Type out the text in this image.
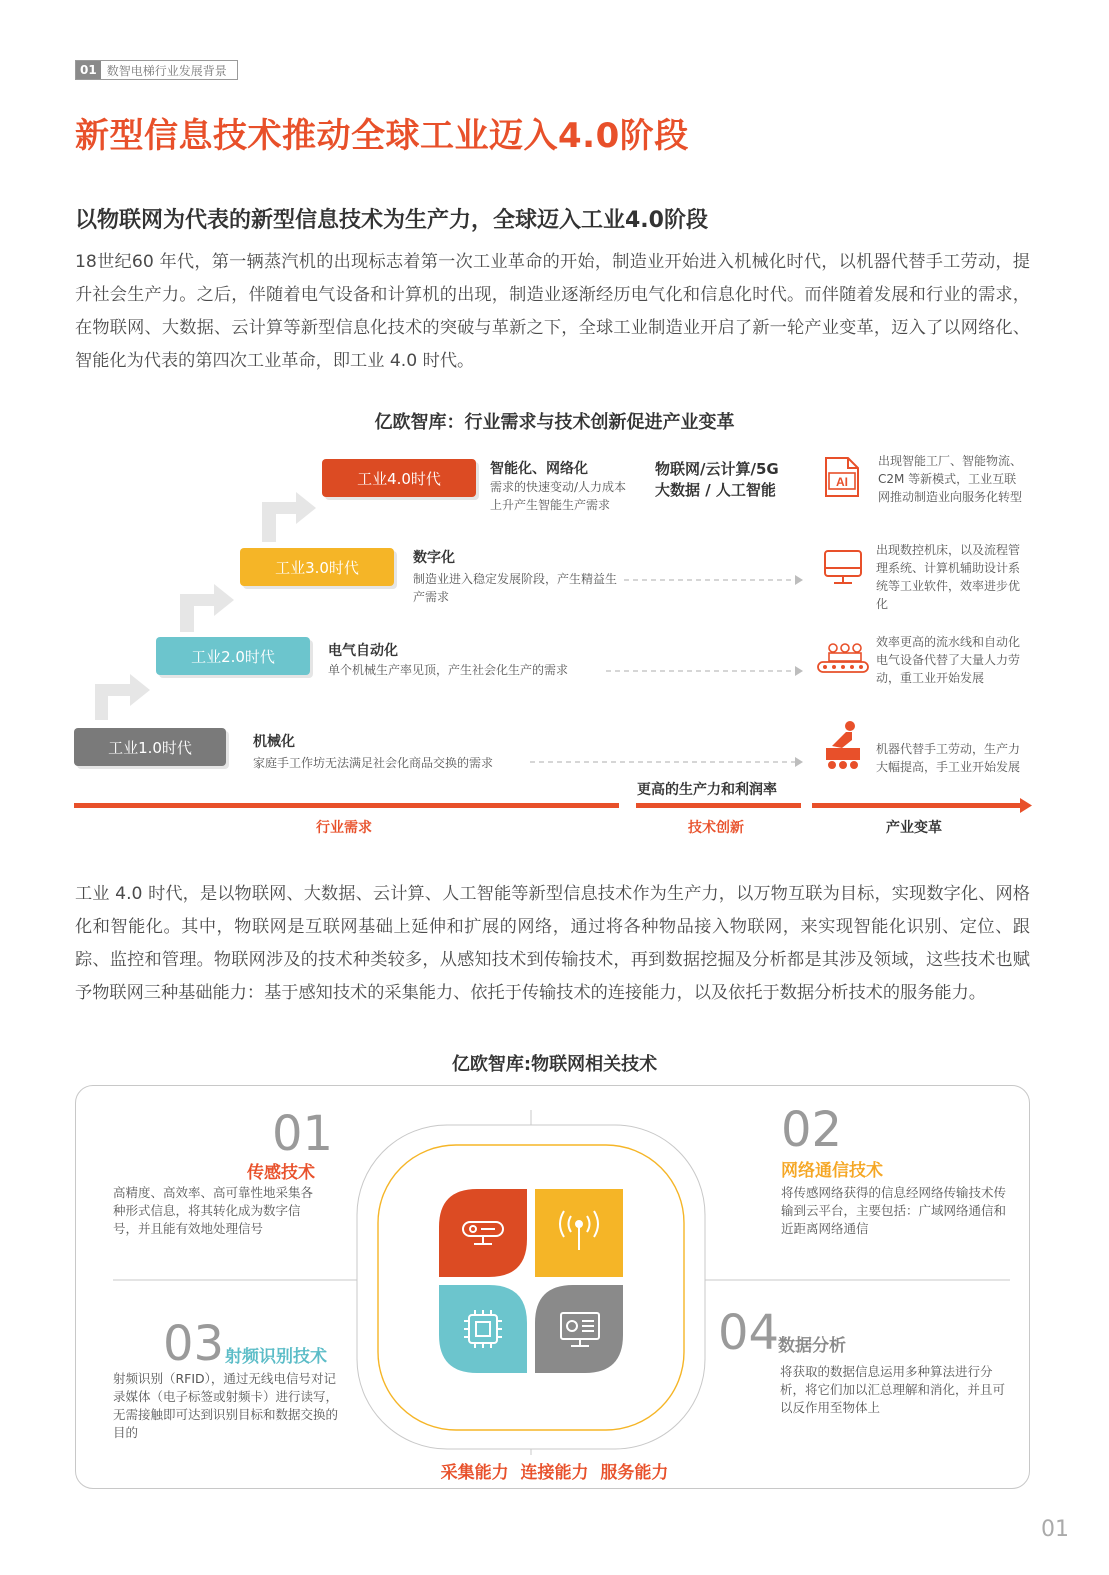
01 数智电梯行业发展背景
新型信息技术推动全球工业迈入4.0阶段
以物联网为代表的新型信息技术为生产力，全球迈入工业4.0阶段
18世纪60 年代，第一辆蒸汽机的出现标志着第一次工业革命的开始，制造业开始进入机械化时代，以机器代替手工劳动，提升社会生产力。之后，伴随着电气设备和计算机的出现，制造业逐渐经历电气化和信息化时代。而伴随着发展和行业的需求，在物联网、大数据、云计算等新型信息化技术的突破与革新之下，全球工业制造业开启了新一轮产业变革，迈入了以网络化、智能化为代表的第四次工业革命，即工业 4.0 时代。
亿欧智库：行业需求与技术创新促进产业变革
工业1.0时代
工业2.0时代
工业3.0时代
工业4.0时代
机械化
家庭手工作坊无法满足社会化商品交换的需求
电气自动化
单个机械生产率见顶，产生社会化生产的需求
数字化
制造业进入稳定发展阶段，产生精益生产需求
智能化、网络化
需求的快速变动/人力成本上升产生智能生产需求
物联网/云计算/5G
大数据 / 人工智能	AI
出现智能工厂、智能物流、C2M 等新模式，工业互联网推动制造业向服务化转型
出现数控机床，以及流程管理系统、计算机辅助设计系统等工业软件，效率进步优化
效率更高的流水线和自动化电气设备代替了大量人力劳动，重工业开始发展
机器代替手工劳动，生产力大幅提高，手工业开始发展
更高的生产力和利润率
行业需求	技术创新	产业变革
工业 4.0 时代，是以物联网、大数据、云计算、人工智能等新型信息技术作为生产力，以万物互联为目标，实现数字化、网格化和智能化。其中，物联网是互联网基础上延伸和扩展的网络，通过将各种物品接入物联网，来实现智能化识别、定位、跟踪、监控和管理。物联网涉及的技术种类较多，从感知技术到传输技术，再到数据挖掘及分析都是其涉及领域，这些技术也赋予物联网三种基础能力：基于感知技术的采集能力、依托于传输技术的连接能力，以及依托于数据分析技术的服务能力。
亿欧智库:物联网相关技术
01
传感技术
高精度、高效率、高可靠性地采集各种形式信息，将其转化成为数字信号，并且能有效地处理信号
02
网络通信技术
将传感网络获得的信息经网络传输技术传输到云平台，主要包括：广域网络通信和近距离网络通信
03 射频识别技术
射频识别（RFID），通过无线电信号对记录媒体（电子标签或射频卡）进行读写，无需接触即可达到识别目标和数据交换的目的
04
数据分析
将获取的数据信息运用多种算法进行分析，将它们加以汇总理解和消化，并且可以反作用至物体上
采集能力  连接能力  服务能力
01
